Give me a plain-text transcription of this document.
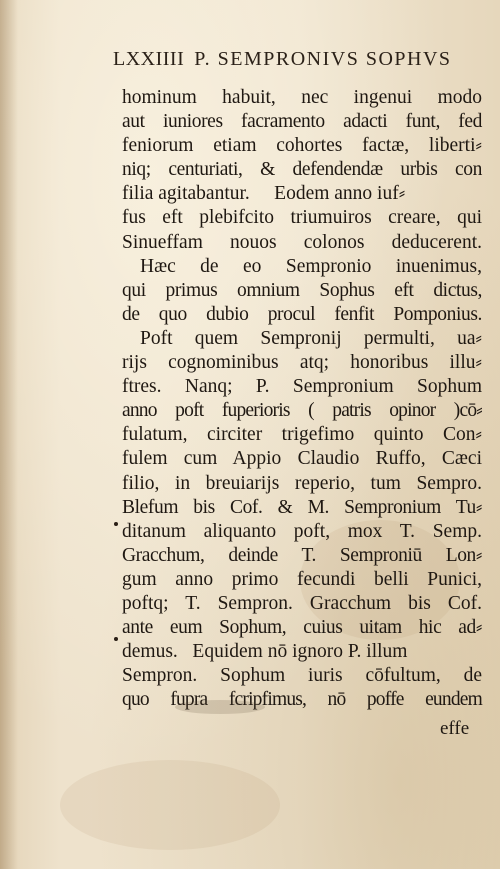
LXXIIII P. SEMPRONIVS SOPHVS
hominum habuit, nec ingenui modo
aut iuniores facramento adacti funt, fed
feniorum etiam cohortes factæ, liberti⸗
niq; centuriati, & defendendæ urbis con
filia agitabantur.     Eodem anno iuf⸗
fus eft plebifcito triumuiros creare, qui
Sinueffam nouos colonos deducerent.
Hæc de eo Sempronio inuenimus,
qui primus omnium Sophus eft dictus,
de quo dubio procul fenfit Pomponius.
Poft quem Sempronij permulti, ua⸗
rijs cognominibus atq; honoribus illu⸗
ftres. Nanq; P. Sempronium Sophum
anno poft fuperioris ( patris opinor )cō⸗
fulatum, circiter trigefimo quinto Con⸗
fulem cum Appio Claudio Ruffo, Cæci
filio, in breuiarijs reperio, tum Sempro.
Blefum bis Cof. & M. Sempronium Tu⸗
ditanum aliquanto poft, mox T. Semp.
Gracchum, deinde T. Semproniū Lon⸗
gum anno primo fecundi belli Punici,
poftq; T. Sempron. Gracchum bis Cof.
ante eum Sophum, cuius uitam hic ad⸗
demus.   Equidem nō ignoro P. illum
Sempron. Sophum iuris cōfultum, de
quo fupra fcripfimus, nō poffe eundem
effe
